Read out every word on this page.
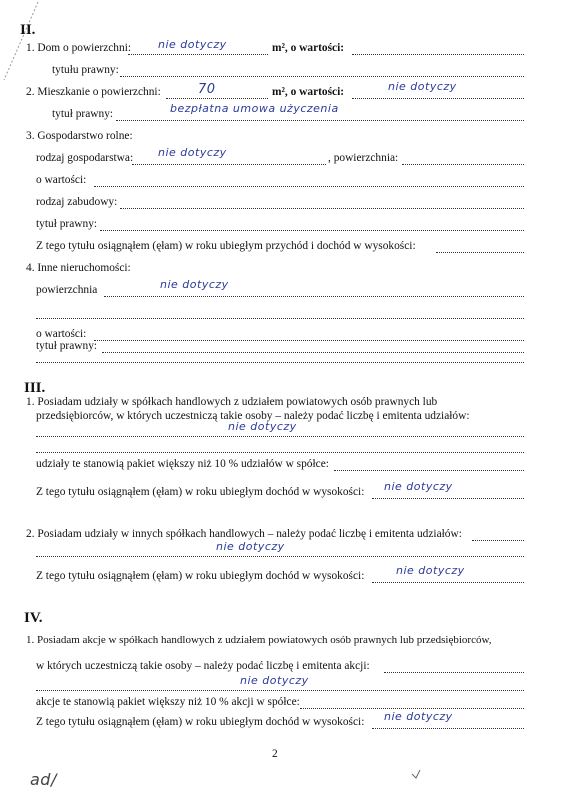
II.
1. Dom o powierzchni: nie dotyczy	m², o wartości:
tytułu prawny:
2. Mieszkanie o powierzchni:	70	m², o wartości:	nie dotyczy
tytuł prawny:	bezpłatna umowa użyczenia
3. Gospodarstwo rolne:
rodzaj gospodarstwa: nie dotyczy	, powierzchnia:
o wartości:
rodzaj zabudowy:
tytuł prawny:
Z tego tytułu osiągnąłem (ęłam) w roku ubiegłym przychód i dochód w wysokości:
4. Inne nieruchomości:
powierzchnia	nie dotyczy
o wartości:
tytuł prawny:
III.
1. Posiadam udziały w spółkach handlowych z udziałem powiatowych osób prawnych lub
przedsiębiorców, w których uczestniczą takie osoby – należy podać liczbę i emitenta udziałów:
nie dotyczy
udziały te stanowią pakiet większy niż 10 % udziałów w spółce:
Z tego tytułu osiągnąłem (ęłam) w roku ubiegłym dochód w wysokości: nie dotyczy
2. Posiadam udziały w innych spółkach handlowych – należy podać liczbę i emitenta udziałów:
nie dotyczy
Z tego tytułu osiągnąłem (ęłam) w roku ubiegłym dochód w wysokości:	nie dotyczy
IV.
1. Posiadam akcje w spółkach handlowych z udziałem powiatowych osób prawnych lub przedsiębiorców,
w których uczestniczą takie osoby – należy podać liczbę i emitenta akcji:
nie dotyczy
akcje te stanowią pakiet większy niż 10 % akcji w spółce:
Z tego tytułu osiągnąłem (ęłam) w roku ubiegłym dochód w wysokości: nie dotyczy
2
ad/
